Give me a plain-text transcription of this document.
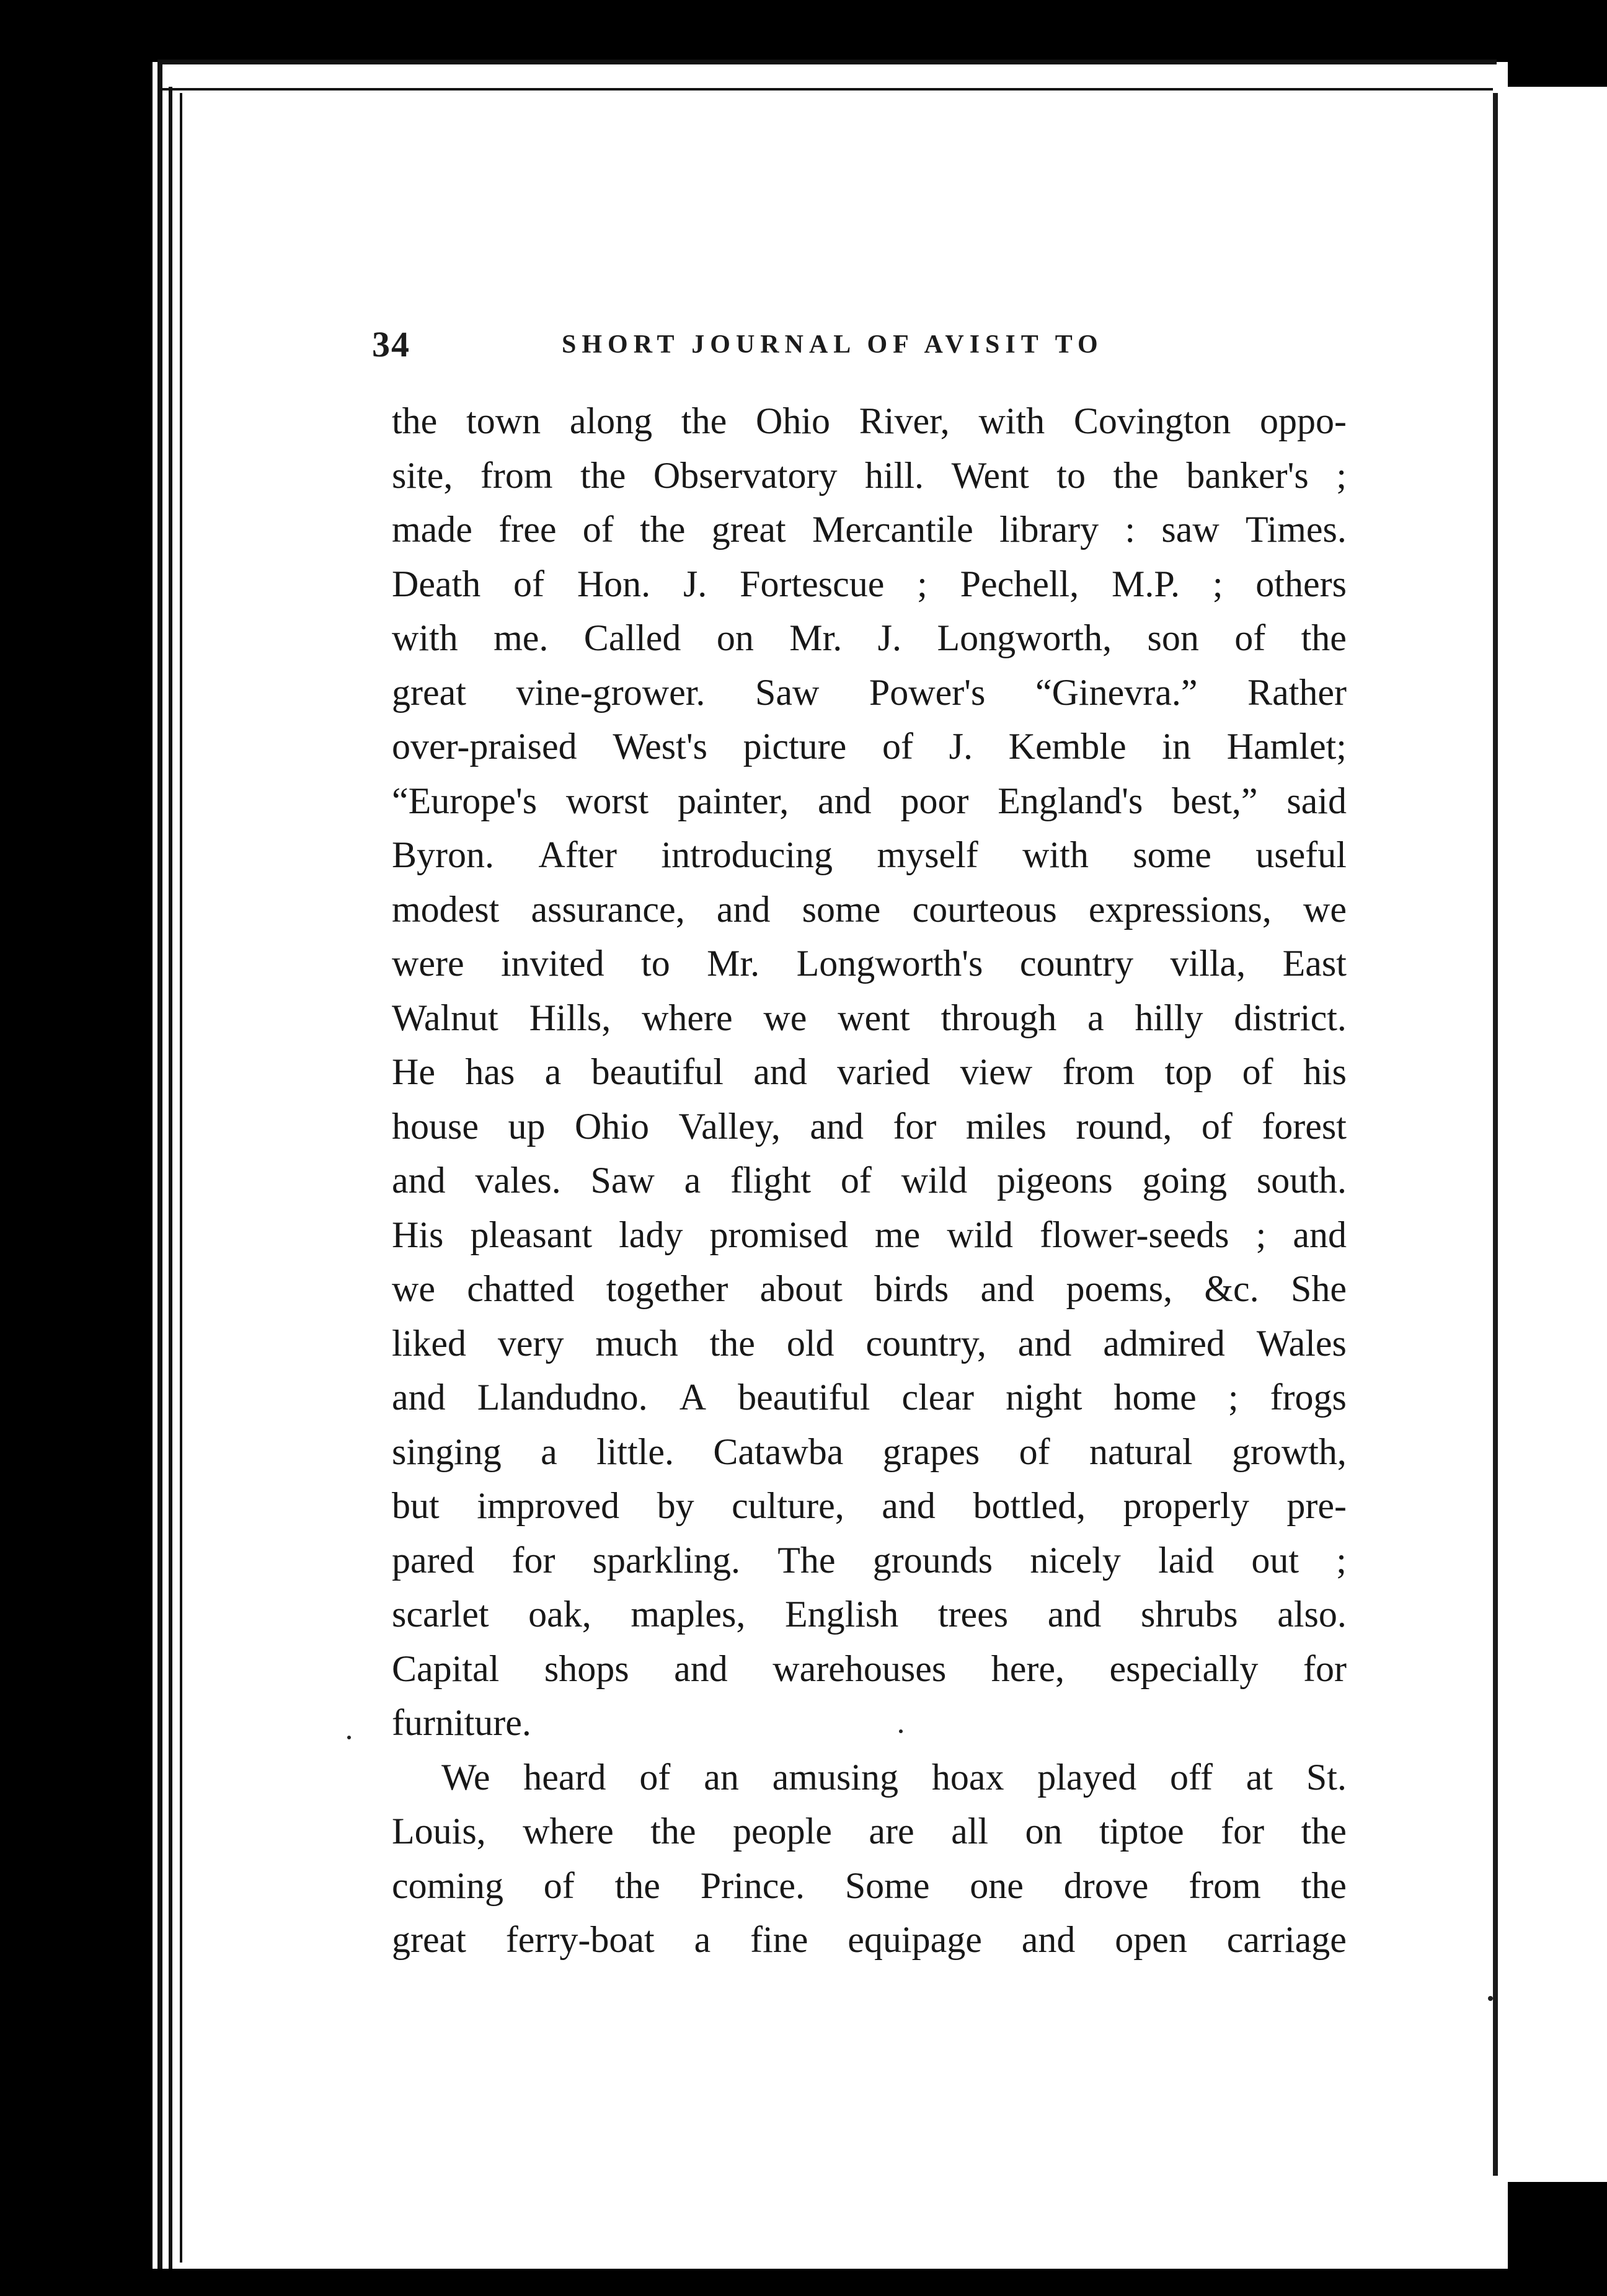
34	SHORT JOURNAL OF AVISIT TO
the town along the Ohio River, with Covington oppo-
site, from the Observatory hill. Went to the banker's ;
made free of the great Mercantile library : saw Times.
Death of Hon. J. Fortescue ; Pechell, M.P. ; others
with me. Called on Mr. J. Longworth, son of the
great vine-grower. Saw Power's “Ginevra.” Rather
over-praised West's picture of J. Kemble in Hamlet;
“Europe's worst painter, and poor England's best,” said
Byron. After introducing myself with some useful
modest assurance, and some courteous expressions, we
were invited to Mr. Longworth's country villa, East
Walnut Hills, where we went through a hilly district.
He has a beautiful and varied view from top of his
house up Ohio Valley, and for miles round, of forest
and vales. Saw a flight of wild pigeons going south.
His pleasant lady promised me wild flower-seeds ; and
we chatted together about birds and poems, &c. She
liked very much the old country, and admired Wales
and Llandudno. A beautiful clear night home ; frogs
singing a little. Catawba grapes of natural growth,
but improved by culture, and bottled, properly pre-
pared for sparkling. The grounds nicely laid out ;
scarlet oak, maples, English trees and shrubs also.
Capital shops and warehouses here, especially for
furniture.
We heard of an amusing hoax played off at St.
Louis, where the people are all on tiptoe for the
coming of the Prince. Some one drove from the
great ferry-boat a fine equipage and open carriage
